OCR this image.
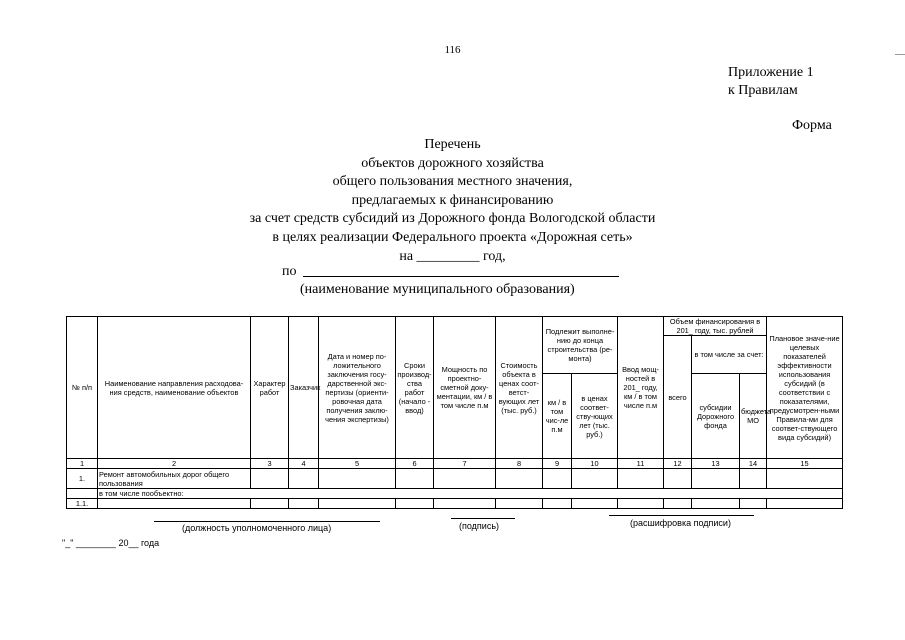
116
Приложение 1
к Правилам
Форма
Перечень
объектов дорожного хозяйства
общего пользования местного значения,
предлагаемых к финансированию
за счет средств субсидий из Дорожного фонда Вологодской области
в целях реализации Федерального проекта «Дорожная сеть»
на _________ год,
по
(наименование муниципального образования)
№ п/п	Наименование направления расходова-ния средств, наименование объектов	Характер работ	Заказчик	Дата и номер по-ложительного заключения госу-дарственной экс-пертизы (ориенти-ровочная дата получения заклю-чения экспертизы)	Сроки производ-ства работ (начало - ввод)	Мощность по проектно-сметной доку-ментации, км / в том числе п.м	Стоимость объекта в ценах соот-ветст-вующих лет (тыс. руб.)	Подлежит выполне-нию до конца строительства (ре-монта)		Ввод мощ-ностей в 201_ году, км / в том числе п.м	Объем финансирования в 201_ году, тыс. рублей			Плановое значе-ние целевых показателей эффективности использования субсидий (в соответствии с показателями, предусмотрен-ными Правила-ми для соответ-ствующего вида субсидий)
											всего	в том числе за счет:		
								км / в том чис-ле п.м	в ценах соответ-ству-ющих лет (тыс. руб.)			субсидии Дорожного фонда	бюджета МО	
1	2	3	4	5	6	7	8	9	10	11	12	13	14	15
1.	Ремонт автомобильных дорог общего пользования													
	в том числе пообъектно:													
1.1.														
(должность уполномоченного лица)	(подпись)	(расшифровка подписи)
"_" ________ 20__ года
